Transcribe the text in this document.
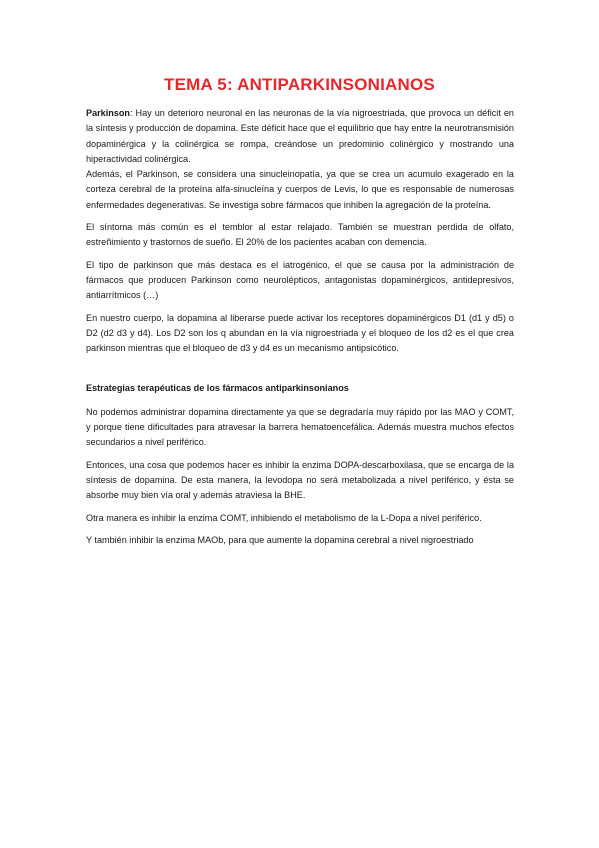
TEMA 5: ANTIPARKINSONIANOS

Parkinson: Hay un deterioro neuronal en las neuronas de la vía nigroestriada, que provoca un déficit en la síntesis y producción de dopamina. Este déficit hace que el equilibrio que hay entre la neurotransmisión dopaminérgica y la colinérgica se rompa, creándose un predominio colinérgico y mostrando una hiperactividad colinérgica.

Además, el Parkinson, se considera una sinucleinopatía, ya que se crea un acumulo exagerado en la corteza cerebral de la proteína alfa-sinucleína y cuerpos de Levis, lo que es responsable de numerosas enfermedades degenerativas. Se investiga sobre fármacos que inhiben la agregación de la proteína.

El síntoma más común es el temblor al estar relajado. También se muestran perdida de olfato, estreñimiento y trastornos de sueño. El 20% de los pacientes acaban con demencia.

El tipo de parkinson que más destaca es el iatrogénico, el que se causa por la administración de fármacos que producen Parkinson como neurolépticos, antagonistas dopaminérgicos, antidepresivos, antiarrítmicos (…)

En nuestro cuerpo, la dopamina al liberarse puede activar los receptores dopaminérgicos D1 (d1 y d5) o D2 (d2 d3 y d4). Los D2 son los q abundan en la vía nigroestriada y el bloqueo de los d2 es el que crea parkinson mientras que el bloqueo de d3 y d4 es un mecanismo antipsicótico.

Estrategias terapéuticas de los fármacos antiparkinsonianos

No podemos administrar dopamina directamente ya que se degradaría muy rápido por las MAO y COMT, y porque tiene dificultades para atravesar la barrera hematoencefálica. Además muestra muchos efectos secundarios a nivel periférico.

Entonces, una cosa que podemos hacer es inhibir la enzima DOPA-descarboxilasa, que se encarga de la síntesis de dopamina. De esta manera, la levodopa no será metabolizada a nivel periférico, y ésta se absorbe muy bien vía oral y además atraviesa la BHE.

Otra manera es inhibir la enzima COMT, inhibiendo el metabolismo de la L-Dopa a nivel periférico.

Y también inhibir la enzima MAOb, para que aumente la dopamina cerebral a nivel nigroestriado
